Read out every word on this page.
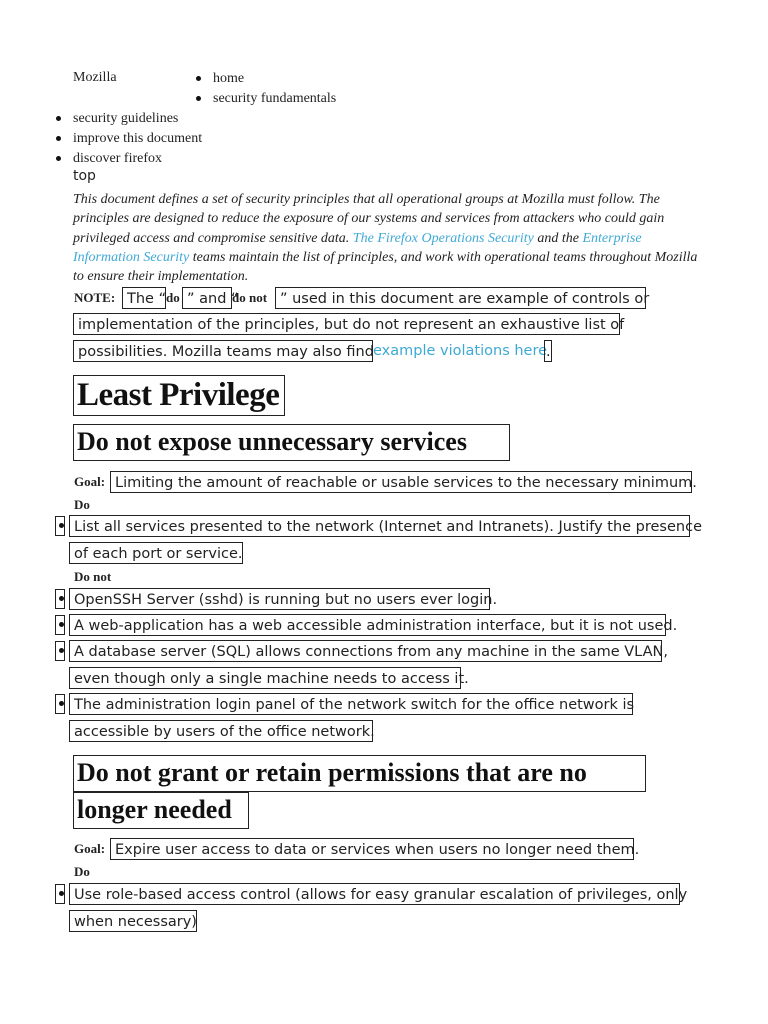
Mozilla	home
security fundamentals
security guidelines
improve this document
discover firefox
top
This document defines a set of security principles that all operational groups at Mozilla must follow. The principles are designed to reduce the exposure of our systems and services from attackers who could gain privileged access and compromise sensitive data. The Firefox Operations Security and the Enterprise Information Security teams maintain the list of principles, and work with operational teams throughout Mozilla to ensure their implementation.
NOTE: The “ do ” and “
do not ” used in this document are example of controls or
implementation of the principles, but do not represent an exhaustive list of
possibilities. Mozilla teams may also find example violations here
.
Least Privilege
Do not expose unnecessary services
Goal: Limiting the amount of reachable or usable services to the necessary minimum.
Do
List all services presented to the network (Internet and Intranets). Justify the presence
of each port or service.
Do not
OpenSSH Server (sshd) is running but no users ever login.
A web-application has a web accessible administration interface, but it is not used.
A database server (SQL) allows connections from any machine in the same VLAN,
even though only a single machine needs to access it.
The administration login panel of the network switch for the office network is
accessible by users of the office network.
Do not grant or retain permissions that are no
longer needed
Goal: Expire user access to data or services when users no longer need them.
Do
Use role-based access control (allows for easy granular escalation of privileges, only
when necessary)
